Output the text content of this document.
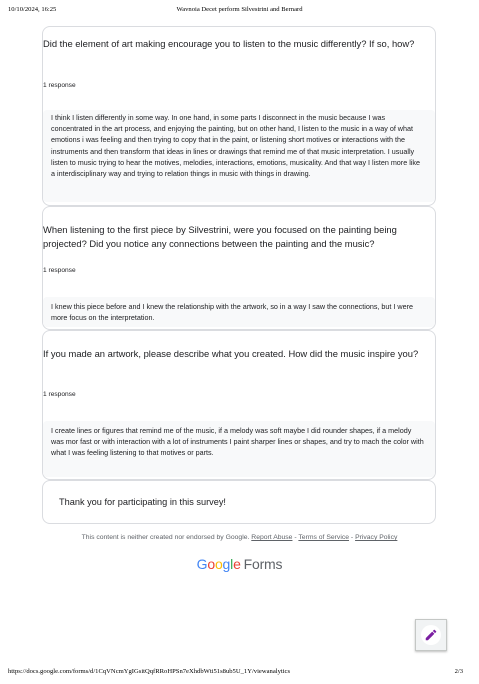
10/10/2024, 16:25	Wavnoia Decet perform Silvestrini and Bernard
Did the element of art making encourage you to listen to the music differently? If so, how?
1 response
I think I listen differently in some way. In one hand, in some parts I disconnect in the music because I was concentrated in the art process, and enjoying the painting, but on other hand, I listen to the music in a way of what emotions i was feeling and then trying to copy that in the paint, or listening short motives or interactions with the instruments and then transform that ideas in lines or drawings that remind me of that music interpretation. I usually listen to music trying to hear the motives, melodies, interactions, emotions, musicality. And that way I listen more like a interdisciplinary way and trying to relation things in music with things in drawing.
When listening to the first piece by Silvestrini, were you focused on the painting being projected? Did you notice any connections between the painting and the music?
1 response
I knew this piece before and I knew the relationship with the artwork, so in a way I saw the connections, but I were more focus on the interpretation.
If you made an artwork, please describe what you created. How did the music inspire you?
1 response
I create lines or figures that remind me of the music, if a melody was soft maybe I did rounder shapes, if a melody was mor fast or with interaction with a lot of instruments I paint sharper lines or shapes, and try to mach the color with what I was feeling listening to that motives or parts.
Thank you for participating in this survey!
This content is neither created nor endorsed by Google. Report Abuse - Terms of Service - Privacy Policy
Google Forms
https://docs.google.com/forms/d/1CqVNcmYgIGsitQqfRRoHPSn7eXhdbWti51s8ub5U_1Y/viewanalytics	2/3
